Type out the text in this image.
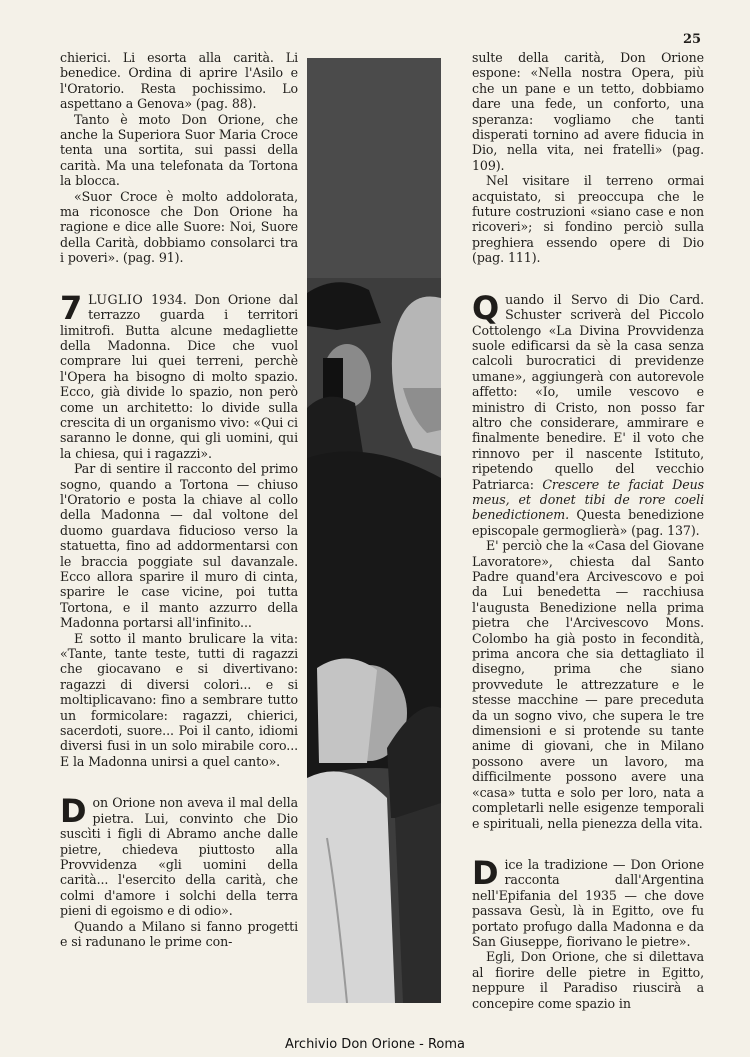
25

chierici. Li esorta alla carità. Li benedice. Ordina di aprire l'Asilo e l'Oratorio. Resta pochissimo. Lo aspettano a Genova» (pag. 88).

Tanto è moto Don Orione, che anche la Superiora Suor Maria Croce tenta una sortita, sui passi della carità. Ma una telefonata da Tortona la blocca.

«Suor Croce è molto addolorata, ma riconosce che Don Orione ha ragione e dice alle Suore: Noi, Suore della Carità, dobbiamo consolarci tra i poveri». (pag. 91).

7 LUGLIO 1934. Don Orione dal terrazzo guarda i territori limitrofi. Butta alcune medagliette della Madonna. Dice che vuol comprare lui quei terreni, perchè l'Opera ha bisogno di molto spazio. Ecco, già divide lo spazio, non però come un architetto: lo divide sulla crescita di un organismo vivo: «Qui ci saranno le donne, qui gli uomini, qui la chiesa, qui i ragazzi».

Par di sentire il racconto del primo sogno, quando a Tortona — chiuso l'Oratorio e posta la chiave al collo della Madonna — dal voltone del duomo guardava fiducioso verso la statuetta, fino ad addormentarsi con le braccia poggiate sul davanzale. Ecco allora sparire il muro di cinta, sparire le case vicine, poi tutta Tortona, e il manto azzurro della Madonna portarsi all'infinito...

E sotto il manto brulicare la vita: «Tante, tante teste, tutti di ragazzi che giocavano e si divertivano: ragazzi di diversi colori... e si moltiplicavano: fino a sembrare tutto un formicolare: ragazzi, chierici, sacerdoti, suore... Poi il canto, idiomi diversi fusi in un solo mirabile coro... E la Madonna unirsi a quel canto».

Don Orione non aveva il mal della pietra. Lui, convinto che Dio suscìti i figli di Abramo anche dalle pietre, chiedeva piuttosto alla Provvidenza «gli uomini della carità... l'esercito della carità, che colmi d'amore i solchi della terra pieni di egoismo e di odio».

Quando a Milano si fanno progetti e si radunano le prime con-

sulte della carità, Don Orione espone: «Nella nostra Opera, più che un pane e un tetto, dobbiamo dare una fede, un conforto, una speranza: vogliamo che tanti disperati tornino ad avere fiducia in Dio, nella vita, nei fratelli» (pag. 109).

Nel visitare il terreno ormai acquistato, si preoccupa che le future costruzioni «siano case e non ricoveri»; si fondino perciò sulla preghiera essendo opere di Dio (pag. 111).

Quando il Servo di Dio Card. Schuster scriverà del Piccolo Cottolengo «La Divina Provvidenza suole edificarsi da sè la casa senza calcoli burocratici di previdenze umane», aggiungerà con autorevole affetto: «Io, umile vescovo e ministro di Cristo, non posso far altro che considerare, ammirare e finalmente benedire. E' il voto che rinnovo per il nascente Istituto, ripetendo quello del vecchio Patriarca: Crescere te faciat Deus meus, et donet tibi de rore coeli benedictionem. Questa benedizione episcopale germoglierà» (pag. 137).

E' perciò che la «Casa del Giovane Lavoratore», chiesta dal Santo Padre quand'era Arcivescovo e poi da Lui benedetta — racchiusa l'augusta Benedizione nella prima pietra che l'Arcivescovo Mons. Colombo ha già posto in fecondità, prima ancora che sia dettagliato il disegno, prima che siano provvedute le attrezzature e le stesse macchine — pare preceduta da un sogno vivo, che supera le tre dimensioni e si protende su tante anime di giovani, che in Milano possono avere un lavoro, ma difficilmente possono avere una «casa» tutta e solo per loro, nata a completarli nelle esigenze temporali e spirituali, nella pienezza della vita.

Dice la tradizione — Don Orione racconta dall'Argentina nell'Epifania del 1935 — che dove passava Gesù, là in Egitto, ove fu portato profugo dalla Madonna e da San Giuseppe, fiorivano le pietre».

Egli, Don Orione, che si dilettava al fiorire delle pietre in Egitto, neppure il Paradiso riuscirà a concepire come spazio in

Archivio Don Orione - Roma
